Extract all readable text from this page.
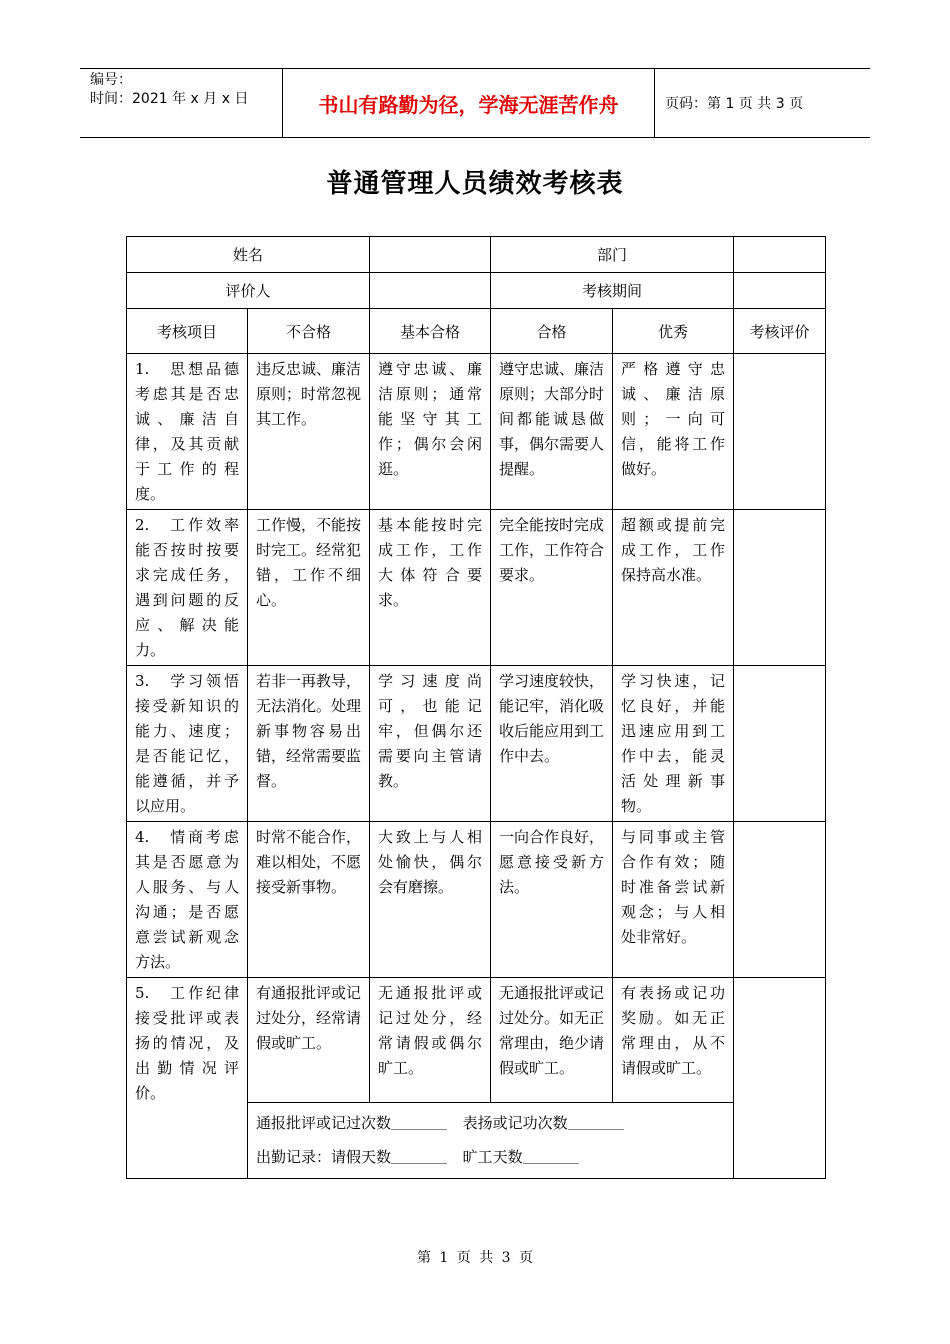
编号：
时间：2021 年 x 月 x 日	书山有路勤为径，学海无涯苦作舟	页码：第 1 页 共 3 页
普通管理人员绩效考核表
姓名			部门		
评价人			考核期间		
考核项目	不合格	基本合格	合格	优秀	考核评价
1.　思想品德考虑其是否忠诚、廉洁自律，及其贡献于工作的程度。	违反忠诚、廉洁原则；时常忽视其工作。	遵守忠诚、廉洁原则；通常能坚守其工作；偶尔会闲逛。	遵守忠诚、廉洁原则；大部分时间都能诚恳做事，偶尔需要人提醒。	严格遵守忠诚、廉洁原则；一向可信，能将工作做好。	
2.　工作效率能否按时按要求完成任务，遇到问题的反应、解决能力。	工作慢，不能按时完工。经常犯错，工作不细心。	基本能按时完成工作，工作大体符合要求。	完全能按时完成工作，工作符合要求。	超额或提前完成工作，工作保持高水准。	
3.　学习领悟接受新知识的能力、速度；是否能记忆，能遵循，并予以应用。	若非一再教导，无法消化。处理新事物容易出错，经常需要监督。	学习速度尚可，也能记牢，但偶尔还需要向主管请教。	学习速度较快，能记牢，消化吸收后能应用到工作中去。	学习快速，记忆良好，并能迅速应用到工作中去，能灵活处理新事物。	
4.　情商考虑其是否愿意为人服务、与人沟通；是否愿意尝试新观念方法。	时常不能合作，难以相处，不愿接受新事物。	大致上与人相处愉快，偶尔会有磨擦。	一向合作良好，愿意接受新方法。	与同事或主管合作有效；随时准备尝试新观念；与人相处非常好。	
5.　工作纪律接受批评或表扬的情况，及出勤情况评价。	有通报批评或记过处分，经常请假或旷工。	无通报批评或记过处分，经常请假或偶尔旷工。	无通报批评或记过处分。如无正常理由，绝少请假或旷工。	有表扬或记功奖励。如无正常理由，从不请假或旷工。	

	通报批评或记过次数 表扬或记功次数
出勤记录：请假天数 旷工天数				
第 1 页 共 3 页
